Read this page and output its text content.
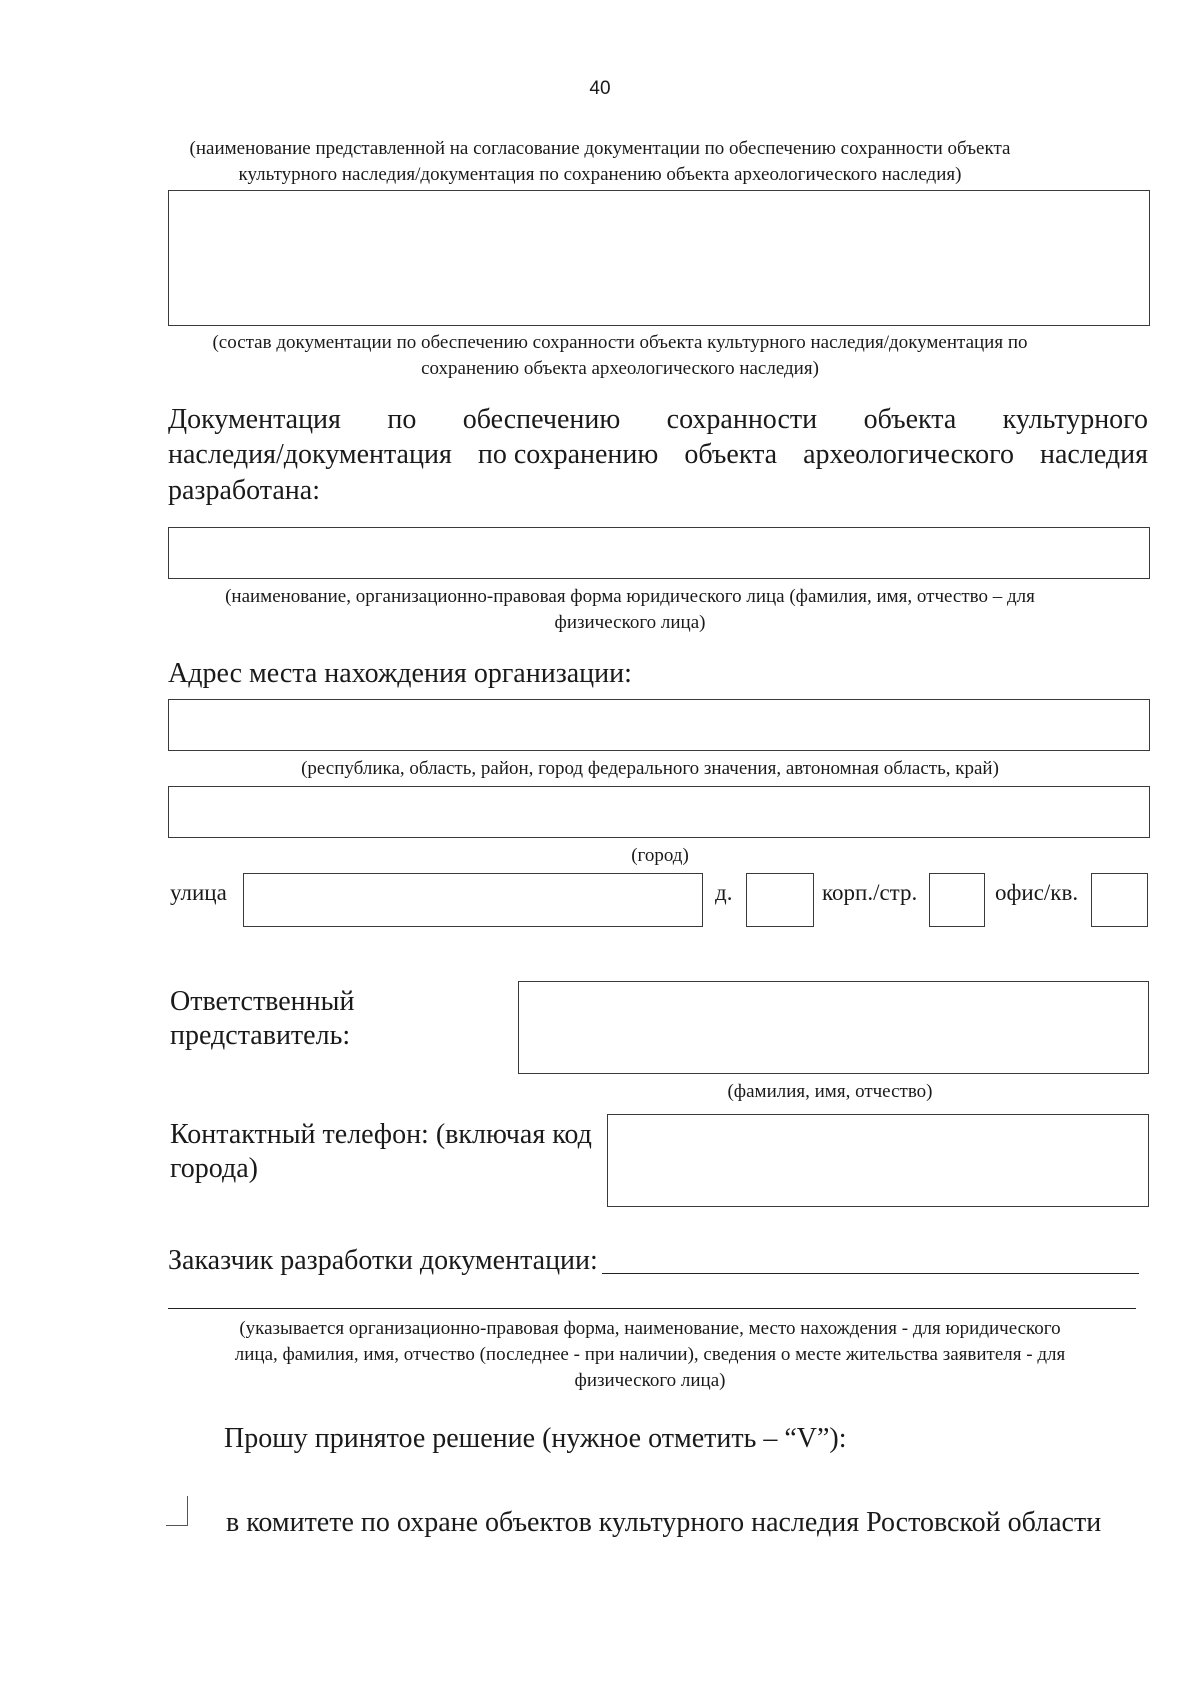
40
(наименование представленной на согласование документации по обеспечению сохранности объекта
культурного наследия/документация по сохранению объекта археологического наследия)
(состав документации по обеспечению сохранности объекта культурного наследия/документация по
сохранению объекта археологического наследия)
Документация по обеспечению сохранности объекта культурного
наследия/документация по сохранению объекта археологического наследия
разработана:
(наименование, организационно-правовая форма юридического лица (фамилия, имя, отчество – для
физического лица)
Адрес места нахождения организации:
(республика, область, район, город федерального значения, автономная область, край)
(город)
улица	д.	корп./стр.	офис/кв.
Ответственный
представитель:
(фамилия, имя, отчество)
Контактный телефон: (включая код
города)
Заказчик разработки документации:
(указывается организационно-правовая форма, наименование, место нахождения - для юридического
лица, фамилия, имя, отчество (последнее - при наличии), сведения о месте жительства заявителя - для
физического лица)
Прошу принятое решение (нужное отметить – “V”):
в комитете по охране объектов культурного наследия Ростовской области
